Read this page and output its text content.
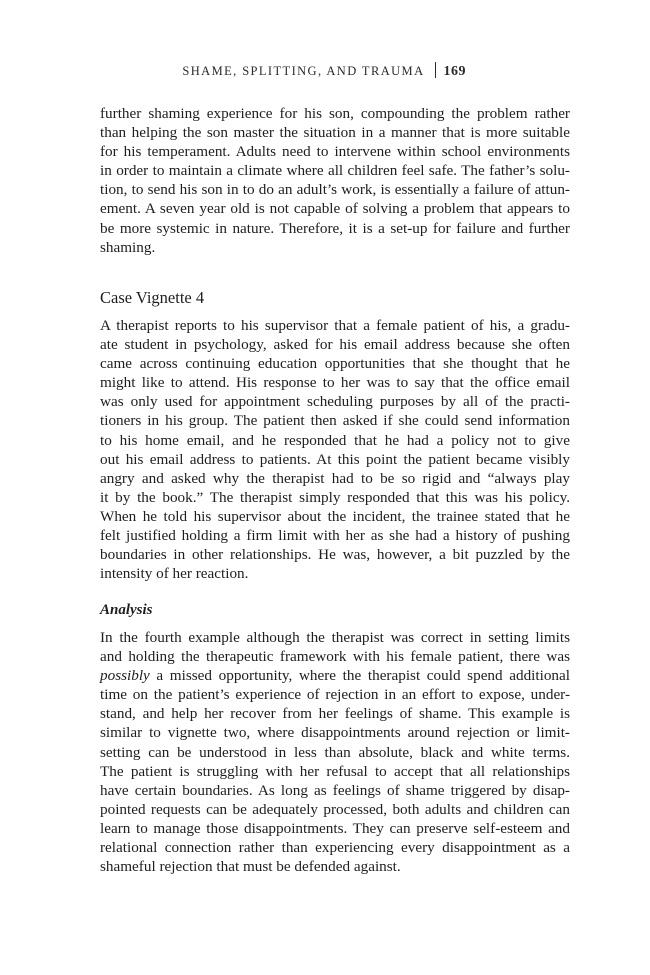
SHAME, SPLITTING, AND TRAUMA 169

further shaming experience for his son, compounding the problem rather
than helping the son master the situation in a manner that is more suitable
for his temperament. Adults need to intervene within school environments
in order to maintain a climate where all children feel safe. The father’s solu-
tion, to send his son in to do an adult’s work, is essentially a failure of attun-
ement. A seven year old is not capable of solving a problem that appears to
be more systemic in nature. Therefore, it is a set-up for failure and further
shaming.

Case Vignette 4

A therapist reports to his supervisor that a female patient of his, a gradu-
ate student in psychology, asked for his email address because she often
came across continuing education opportunities that she thought that he
might like to attend. His response to her was to say that the office email
was only used for appointment scheduling purposes by all of the practi-
tioners in his group. The patient then asked if she could send information
to his home email, and he responded that he had a policy not to give
out his email address to patients. At this point the patient became visibly
angry and asked why the therapist had to be so rigid and “always play
it by the book.” The therapist simply responded that this was his policy.
When he told his supervisor about the incident, the trainee stated that he
felt justified holding a firm limit with her as she had a history of pushing
boundaries in other relationships. He was, however, a bit puzzled by the
intensity of her reaction.

Analysis

In the fourth example although the therapist was correct in setting limits
and holding the therapeutic framework with his female patient, there was
possibly a missed opportunity, where the therapist could spend additional
time on the patient’s experience of rejection in an effort to expose, under-
stand, and help her recover from her feelings of shame. This example is
similar to vignette two, where disappointments around rejection or limit-
setting can be understood in less than absolute, black and white terms.
The patient is struggling with her refusal to accept that all relationships
have certain boundaries. As long as feelings of shame triggered by disap-
pointed requests can be adequately processed, both adults and children can
learn to manage those disappointments. They can preserve self-esteem and
relational connection rather than experiencing every disappointment as a
shameful rejection that must be defended against.
